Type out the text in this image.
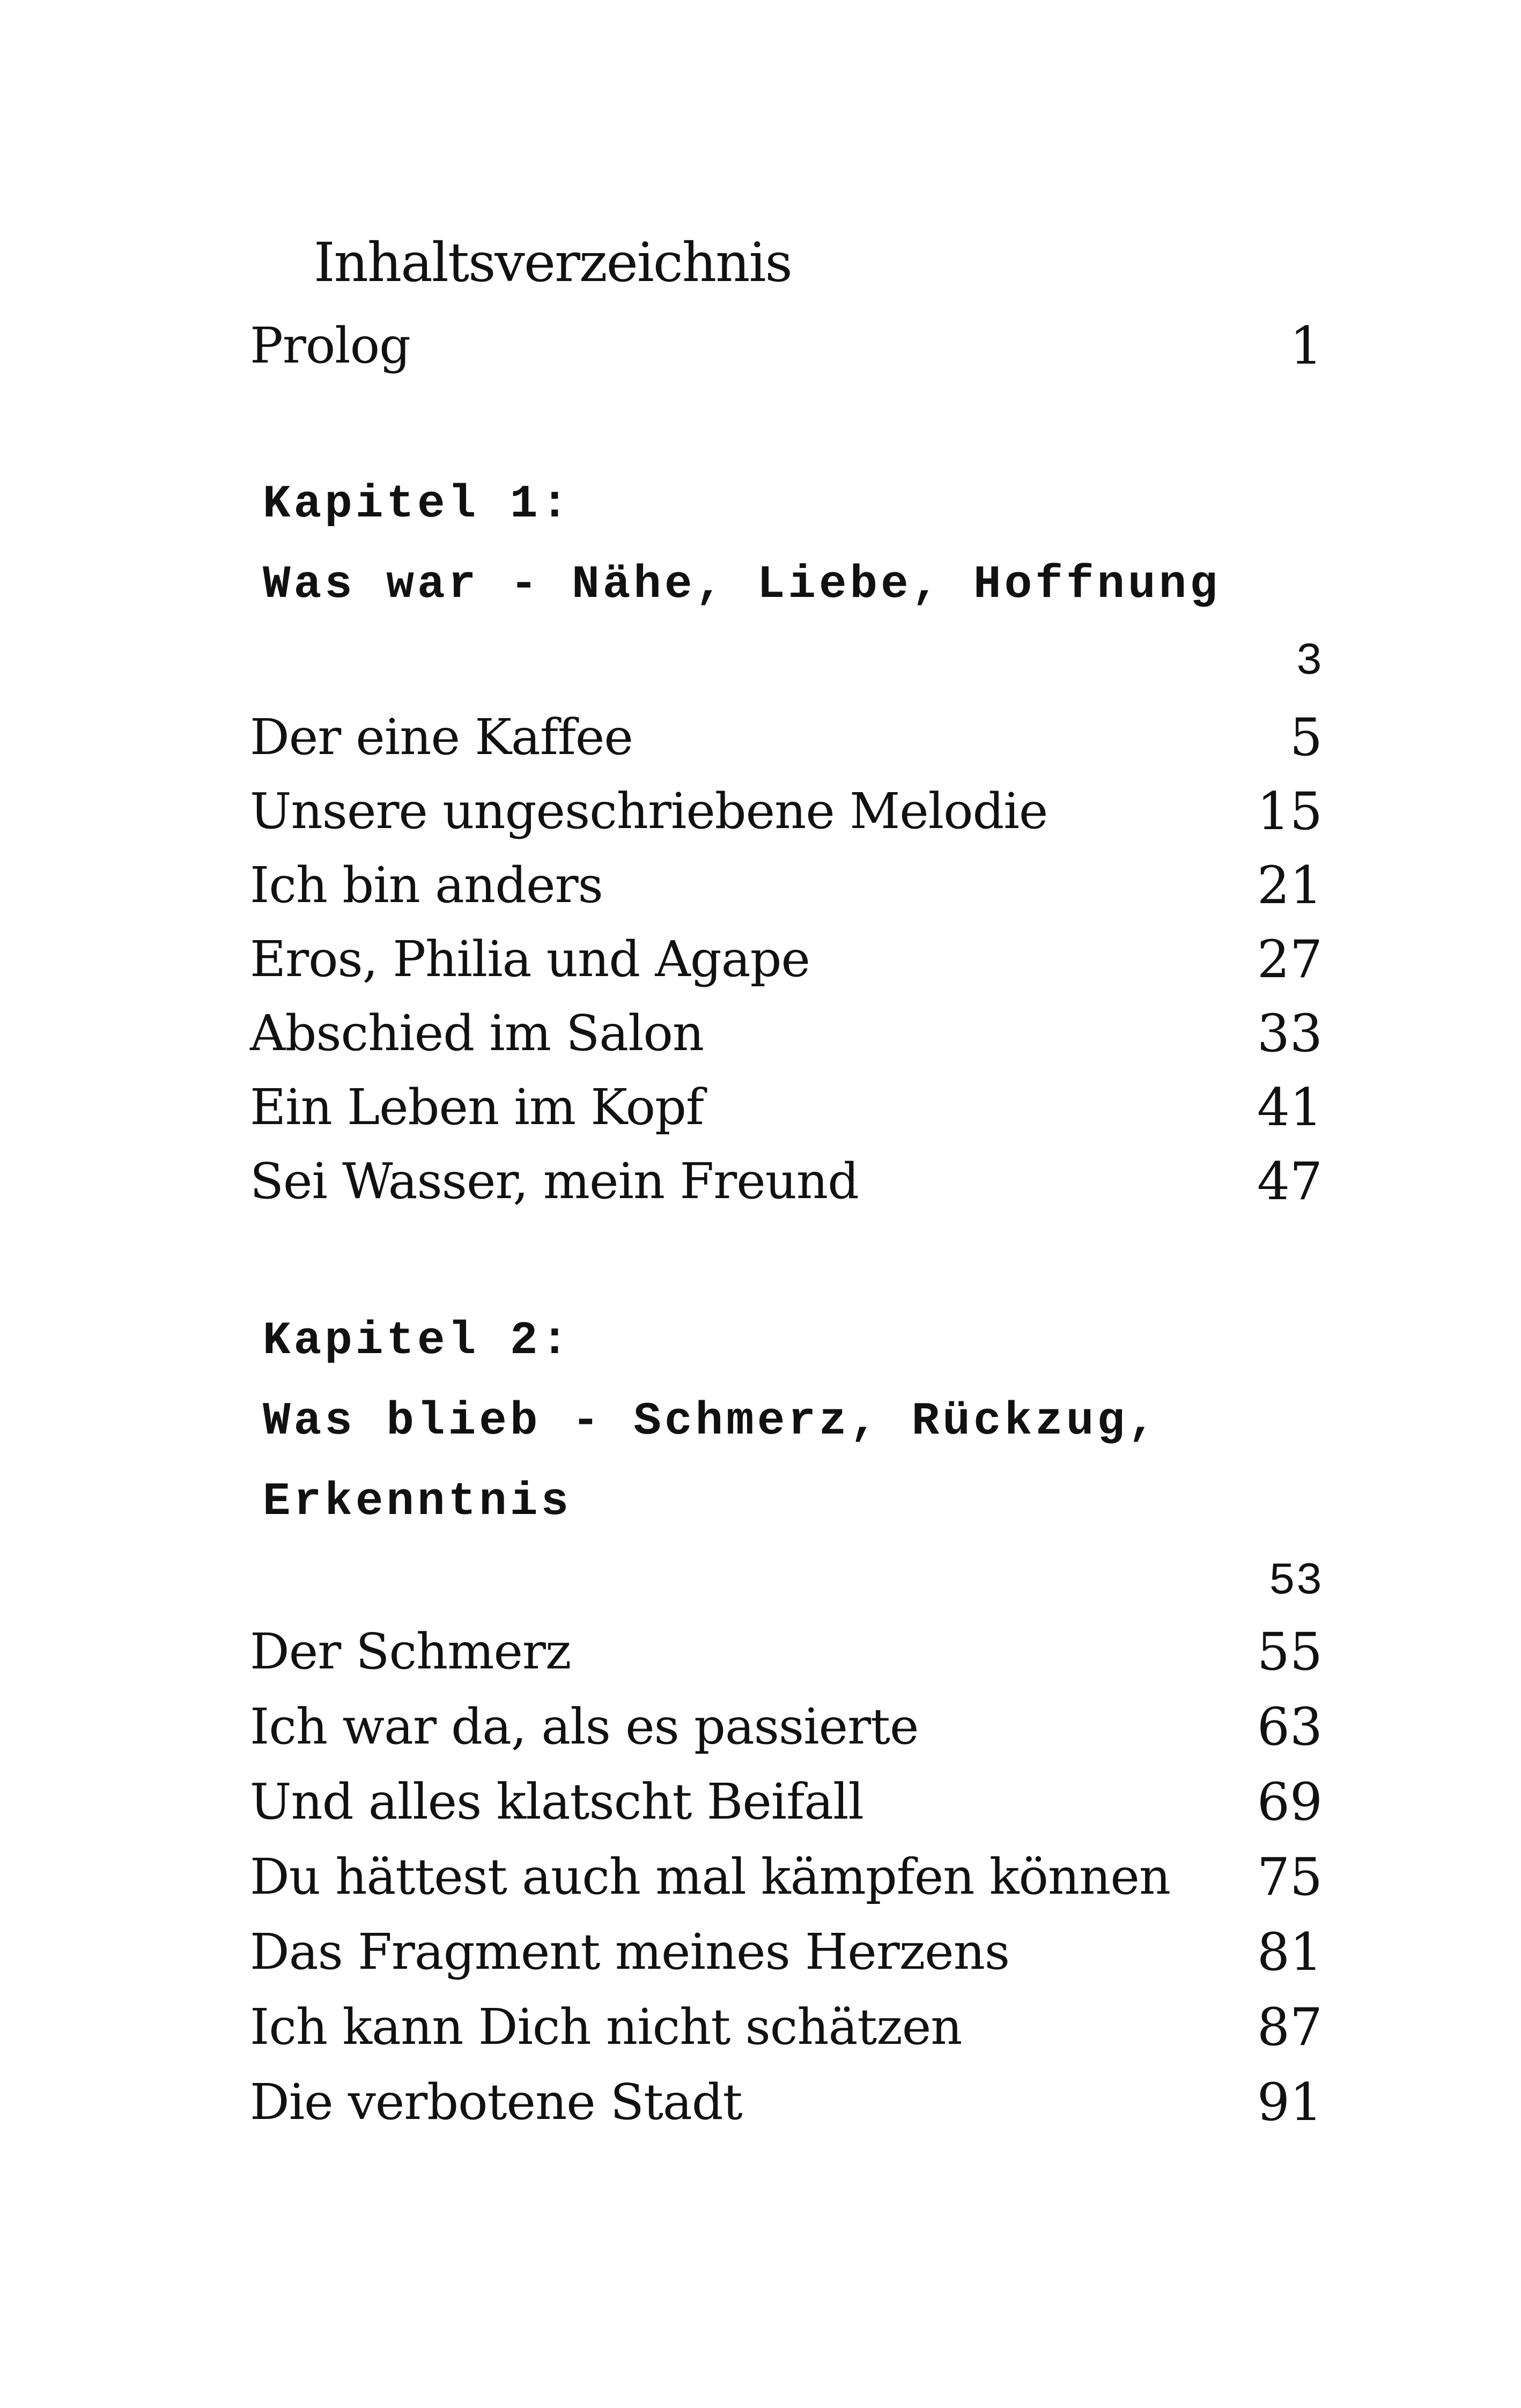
Inhaltsverzeichnis
Prolog	1
Kapitel 1:
Was war - Nähe, Liebe, Hoffnung
3
Der eine Kaffee	5
Unsere ungeschriebene Melodie	15
Ich bin anders	21
Eros, Philia und Agape	27
Abschied im Salon	33
Ein Leben im Kopf	41
Sei Wasser, mein Freund	47
Kapitel 2:
Was blieb - Schmerz, Rückzug,
Erkenntnis
53
Der Schmerz	55
Ich war da, als es passierte	63
Und alles klatscht Beifall	69
Du hättest auch mal kämpfen können	75
Das Fragment meines Herzens	81
Ich kann Dich nicht schätzen	87
Die verbotene Stadt	91
